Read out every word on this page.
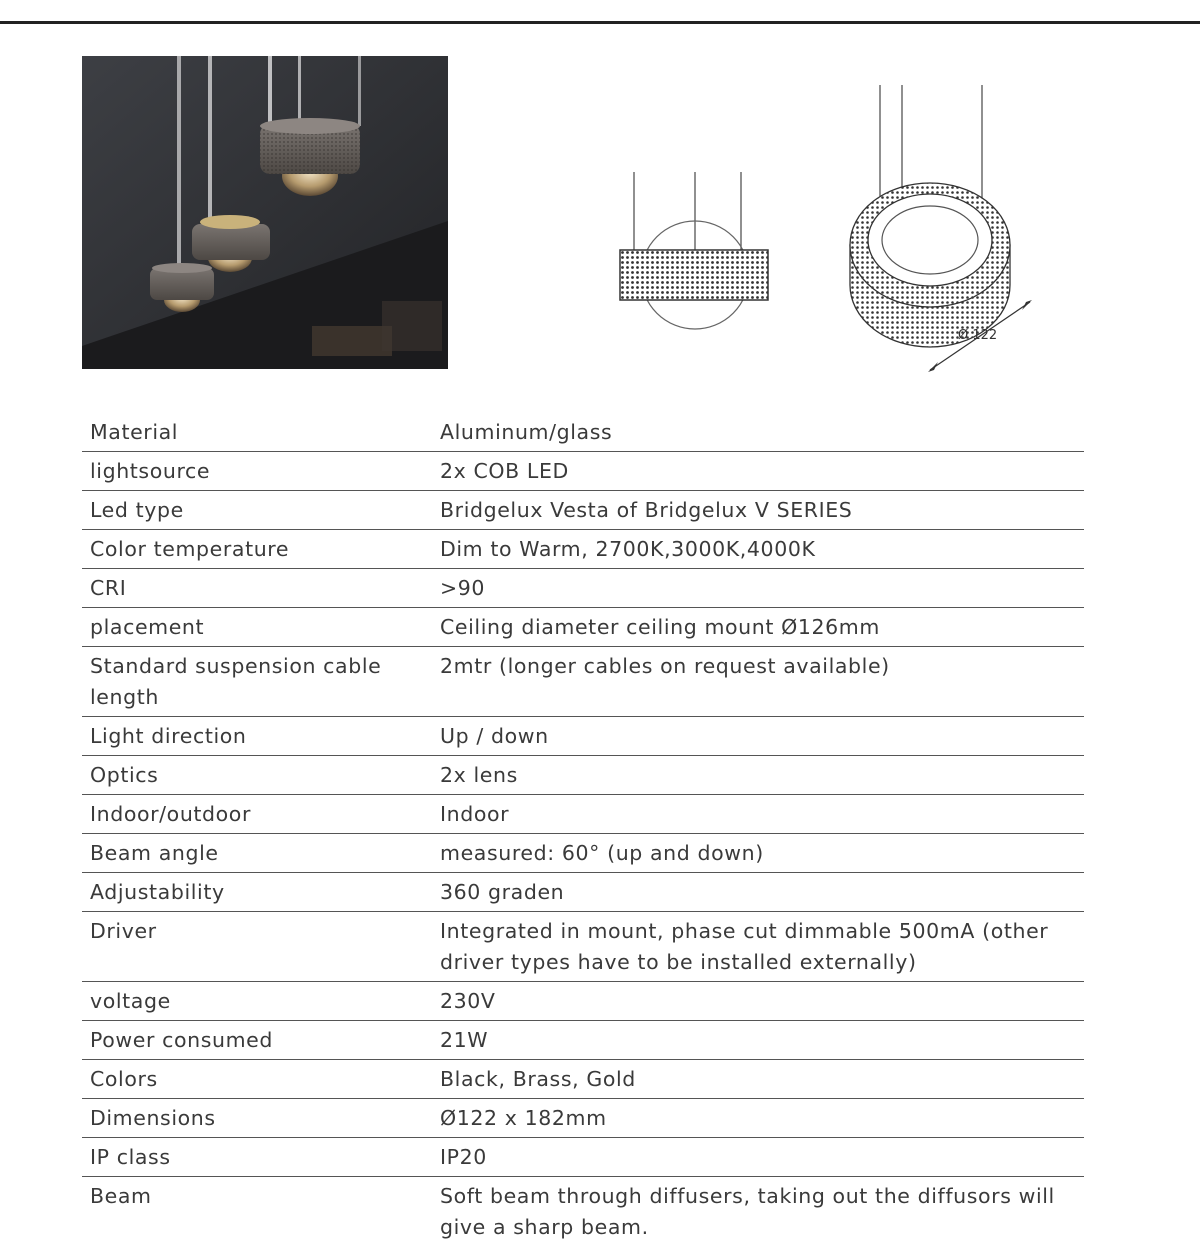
Ø 122
Material	Aluminum/glass
lightsource	2x COB LED
Led type	Bridgelux Vesta of Bridgelux V SERIES
Color temperature	Dim to Warm, 2700K,3000K,4000K
CRI	>90
placement	Ceiling diameter ceiling mount Ø126mm
Standard suspension cable length	2mtr (longer cables on request available)
Light direction	Up / down
Optics	2x lens
Indoor/outdoor	Indoor
Beam angle	measured: 60° (up and down)
Adjustability	360 graden
Driver	Integrated in mount, phase cut dimmable 500mA (other driver types have to be installed externally)
voltage	230V
Power consumed	21W
Colors	Black, Brass, Gold
Dimensions	Ø122 x 182mm
IP class	IP20
Beam	Soft beam through diffusers, taking out the diffusors will give a sharp beam.
